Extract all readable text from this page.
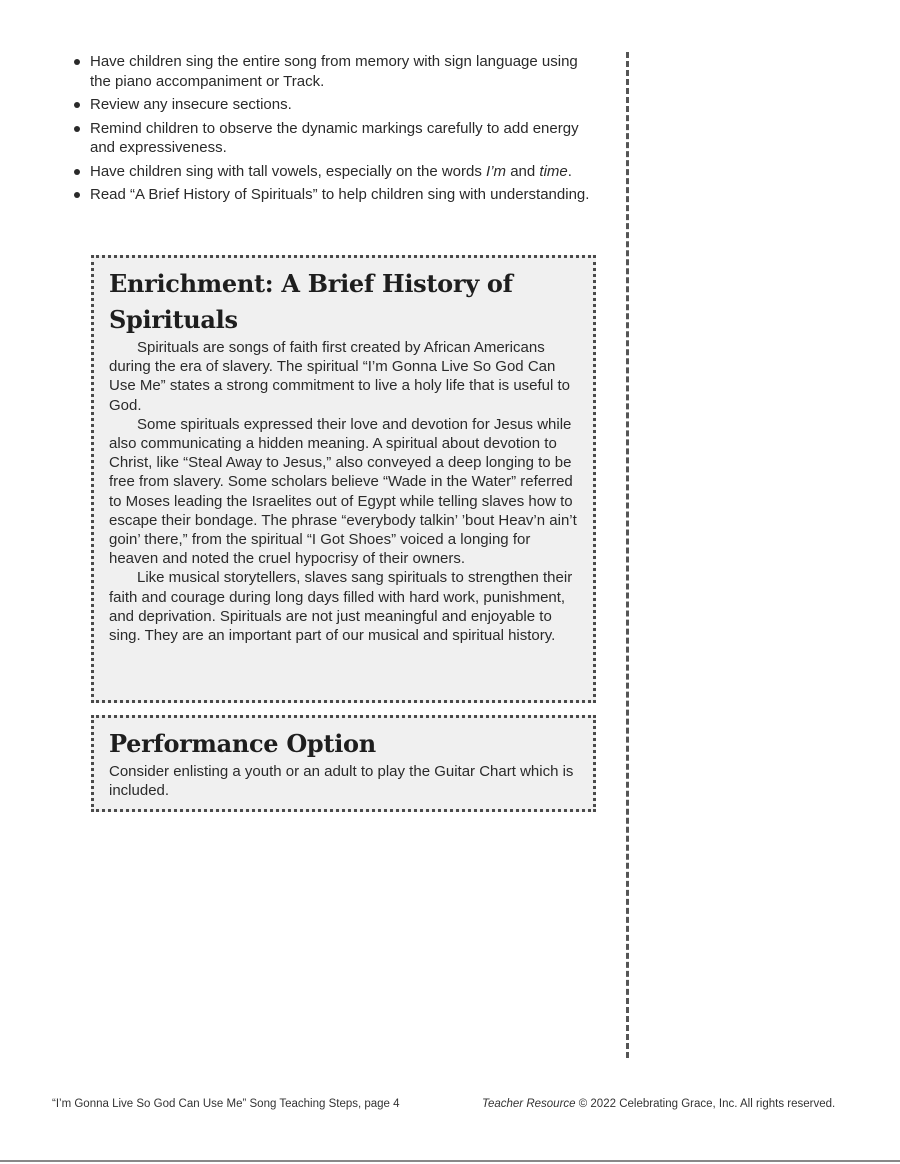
Have children sing the entire song from memory with sign language using the piano accompaniment or Track.
Review any insecure sections.
Remind children to observe the dynamic markings carefully to add energy and expressiveness.
Have children sing with tall vowels, especially on the words I’m and time.
Read “A Brief History of Spirituals” to help children sing with understanding.
Enrichment: A Brief History of Spirituals

Spirituals are songs of faith first created by African Americans during the era of slavery. The spiritual “I’m Gonna Live So God Can Use Me” states a strong commitment to live a holy life that is useful to God.

Some spirituals expressed their love and devotion for Jesus while also communicating a hidden meaning. A spiritual about devotion to Christ, like “Steal Away to Jesus,” also conveyed a deep longing to be free from slavery. Some scholars believe “Wade in the Water” referred to Moses leading the Israelites out of Egypt while telling slaves how to escape their bondage. The phrase “everybody talkin’ ’bout Heav’n ain’t goin’ there,” from the spiritual “I Got Shoes” voiced a longing for heaven and noted the cruel hypocrisy of their owners.

Like musical storytellers, slaves sang spirituals to strengthen their faith and courage during long days filled with hard work, punishment, and deprivation. Spirituals are not just meaningful and enjoyable to sing. They are an important part of our musical and spiritual history.

Performance Option

Consider enlisting a youth or an adult to play the Guitar Chart which is included.

“I’m Gonna Live So God Can Use Me” Song Teaching Steps, page 4	Teacher Resource © 2022 Celebrating Grace, Inc. All rights reserved.
